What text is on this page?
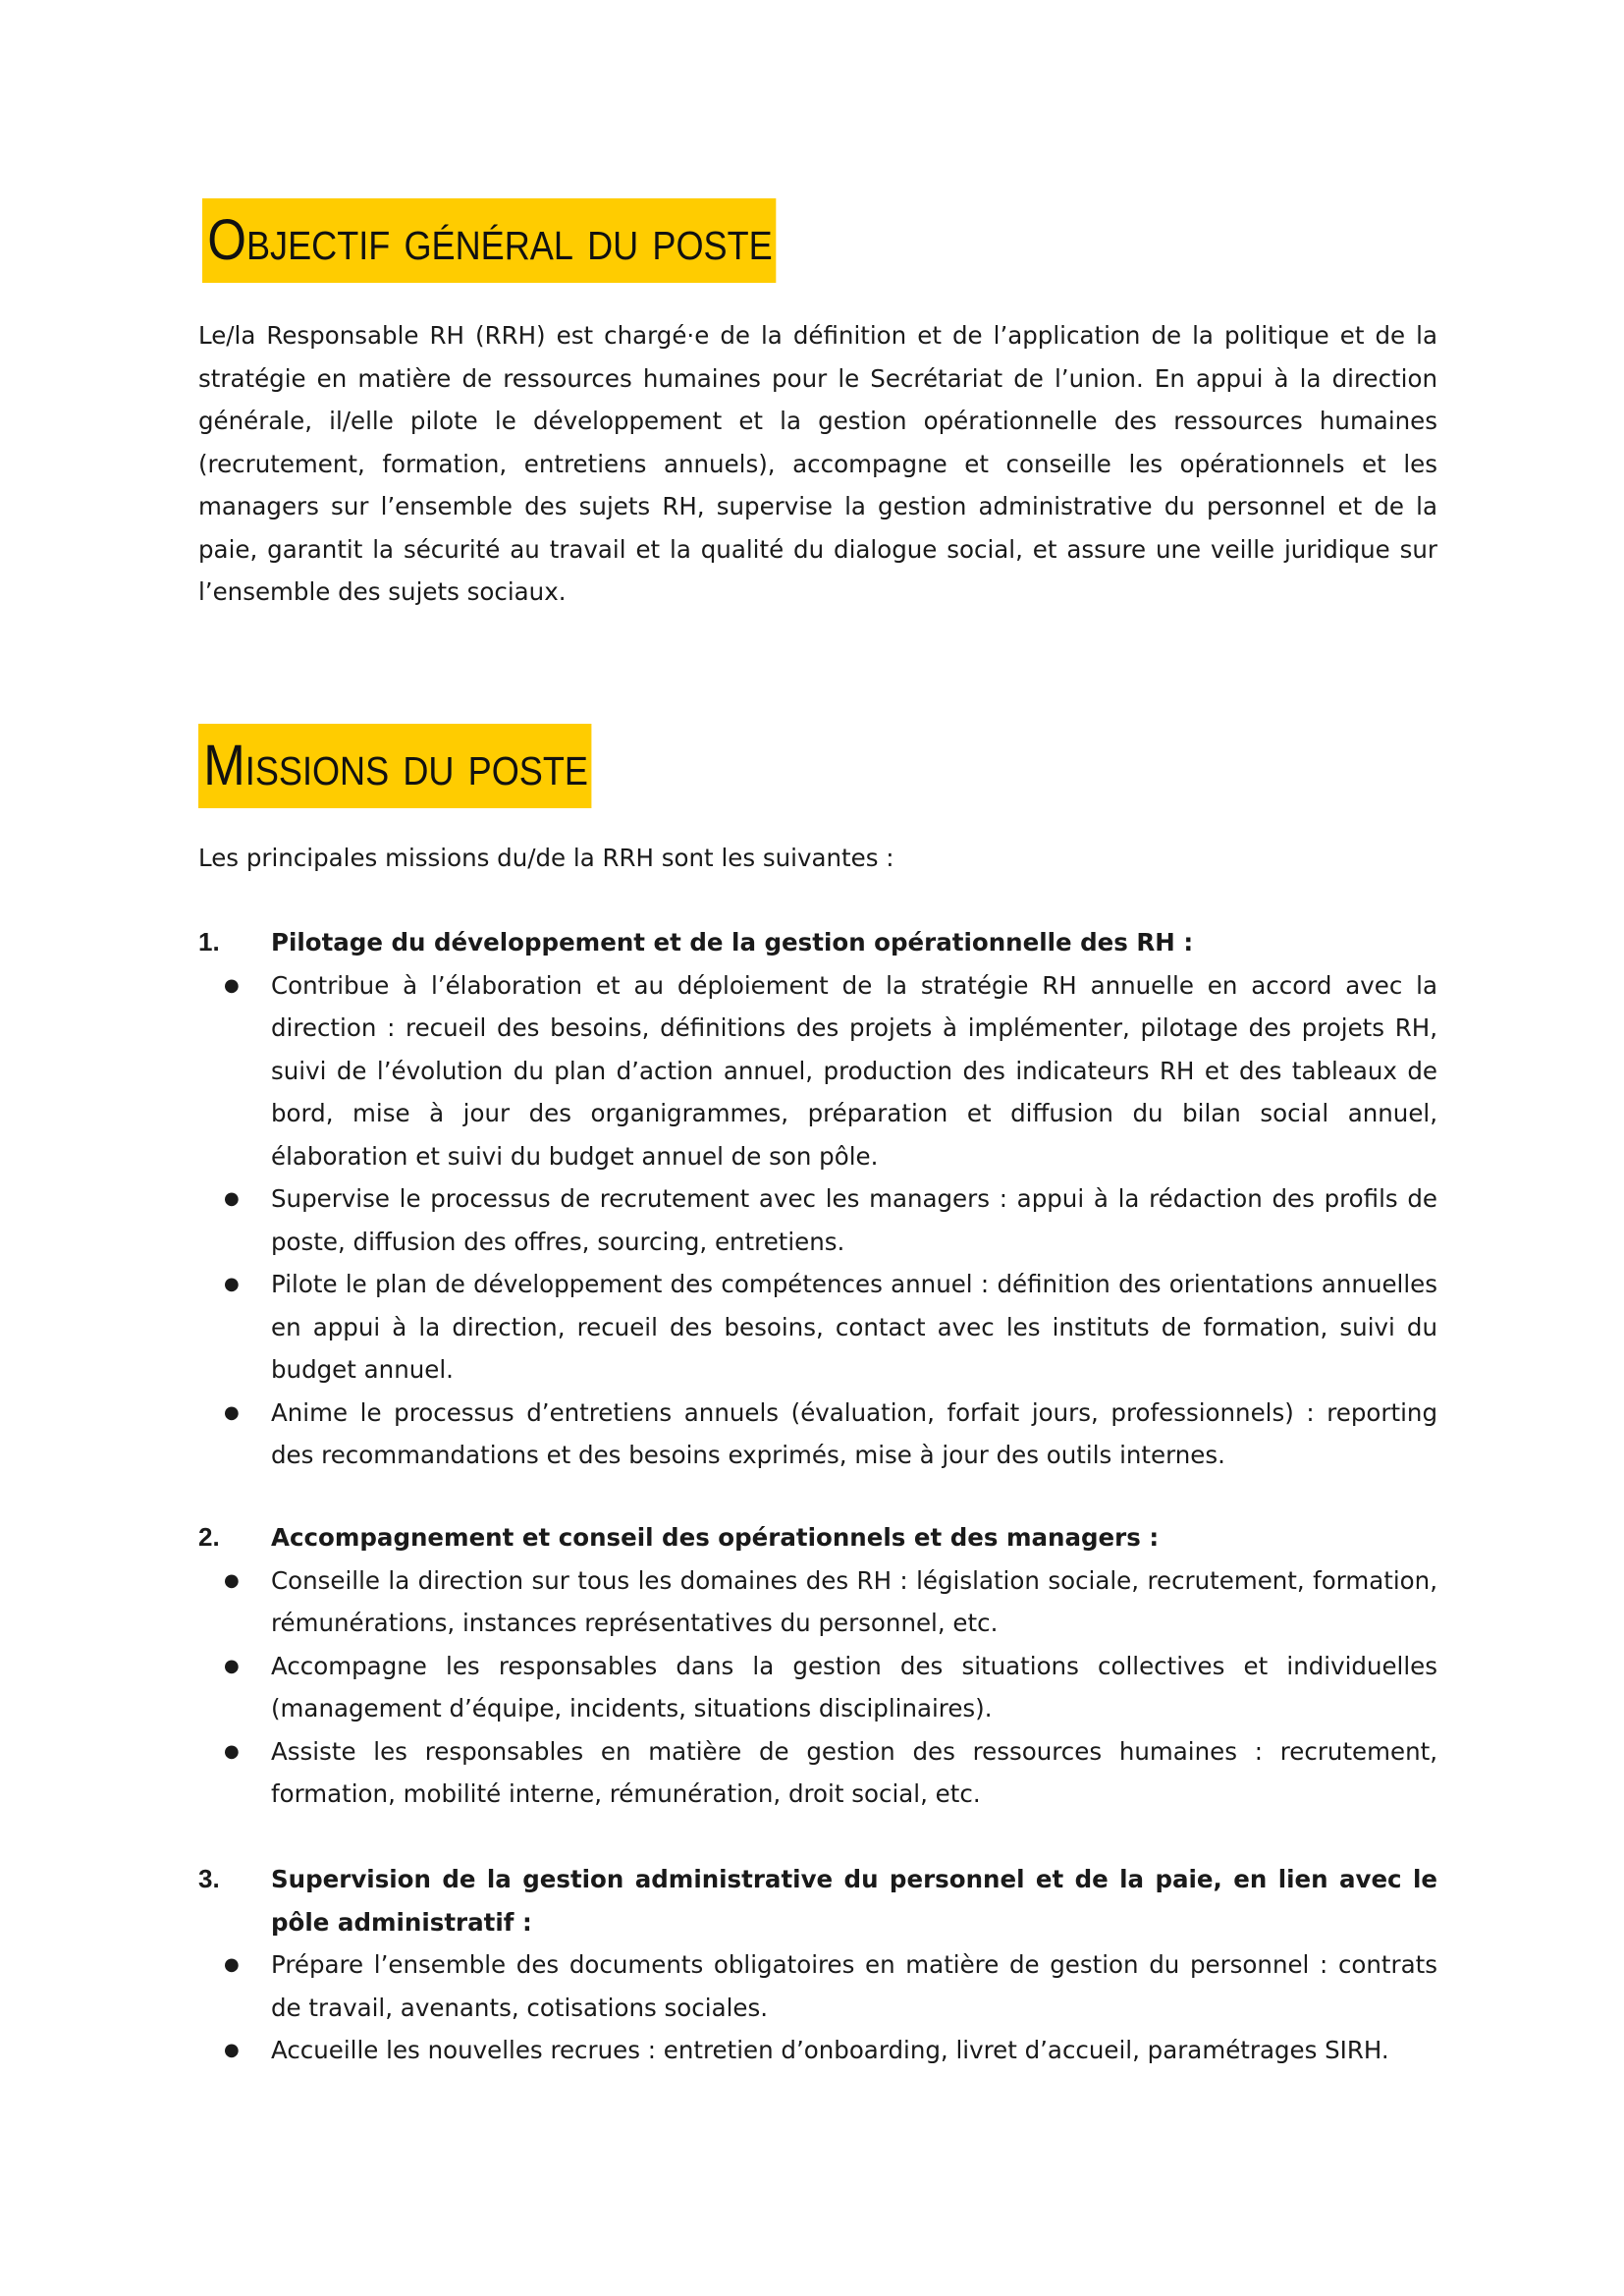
Objectif général du poste

Le/la Responsable RH (RRH) est chargé·e de la définition et de l’application de la politique et de la stratégie en matière de ressources humaines pour le Secrétariat de l’union. En appui à la direction générale, il/elle pilote le développement et la gestion opérationnelle des ressources humaines (recrutement, formation, entretiens annuels), accompagne et conseille les opérationnels et les managers sur l’ensemble des sujets RH, supervise la gestion administrative du personnel et de la paie, garantit la sécurité au travail et la qualité du dialogue social, et assure une veille juridique sur l’ensemble des sujets sociaux.

Missions du poste

Les principales missions du/de la RRH sont les suivantes :

1. Pilotage du développement et de la gestion opérationnelle des RH :
● Contribue à l’élaboration et au déploiement de la stratégie RH annuelle en accord avec la direction : recueil des besoins, définitions des projets à implémenter, pilotage des projets RH, suivi de l’évolution du plan d’action annuel, production des indicateurs RH et des tableaux de bord, mise à jour des organigrammes, préparation et diffusion du bilan social annuel, élaboration et suivi du budget annuel de son pôle.
● Supervise le processus de recrutement avec les managers : appui à la rédaction des profils de poste, diffusion des offres, sourcing, entretiens.
● Pilote le plan de développement des compétences annuel : définition des orientations annuelles en appui à la direction, recueil des besoins, contact avec les instituts de formation, suivi du budget annuel.
● Anime le processus d’entretiens annuels (évaluation, forfait jours, professionnels) : reporting des recommandations et des besoins exprimés, mise à jour des outils internes.
2. Accompagnement et conseil des opérationnels et des managers :
● Conseille la direction sur tous les domaines des RH : législation sociale, recrutement, formation, rémunérations, instances représentatives du personnel, etc.
● Accompagne les responsables dans la gestion des situations collectives et individuelles (management d’équipe, incidents, situations disciplinaires).
● Assiste les responsables en matière de gestion des ressources humaines : recrutement, formation, mobilité interne, rémunération, droit social, etc.
3. Supervision de la gestion administrative du personnel et de la paie, en lien avec le pôle administratif :
● Prépare l’ensemble des documents obligatoires en matière de gestion du personnel : contrats de travail, avenants, cotisations sociales.
● Accueille les nouvelles recrues : entretien d’onboarding, livret d’accueil, paramétrages SIRH.
